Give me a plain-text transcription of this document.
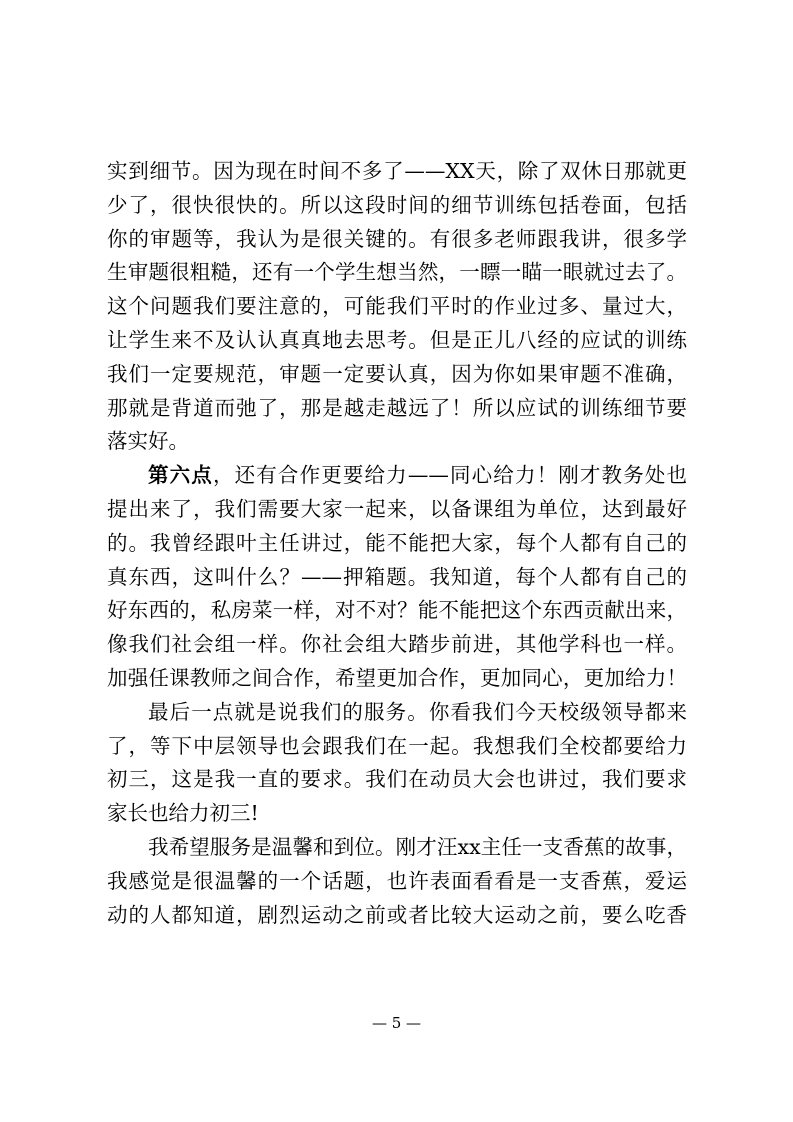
实到细节。因为现在时间不多了——XX天，除了双休日那就更
少了，很快很快的。所以这段时间的细节训练包括卷面，包括
你的审题等，我认为是很关键的。有很多老师跟我讲，很多学
生审题很粗糙，还有一个学生想当然，一瞟一瞄一眼就过去了。
这个问题我们要注意的，可能我们平时的作业过多、量过大，
让学生来不及认认真真地去思考。但是正儿八经的应试的训练
我们一定要规范，审题一定要认真，因为你如果审题不准确，
那就是背道而弛了，那是越走越远了！所以应试的训练细节要
落实好。
第六点，还有合作更要给力——同心给力！刚才教务处也
提出来了，我们需要大家一起来，以备课组为单位，达到最好
的。我曾经跟叶主任讲过，能不能把大家，每个人都有自己的
真东西，这叫什么？——押箱题。我知道，每个人都有自己的
好东西的，私房菜一样，对不对？能不能把这个东西贡献出来，
像我们社会组一样。你社会组大踏步前进，其他学科也一样。
加强任课教师之间合作，希望更加合作，更加同心，更加给力！
最后一点就是说我们的服务。你看我们今天校级领导都来
了，等下中层领导也会跟我们在一起。我想我们全校都要给力
初三，这是我一直的要求。我们在动员大会也讲过，我们要求
家长也给力初三!
我希望服务是温馨和到位。刚才汪xx主任一支香蕉的故事，
我感觉是很温馨的一个话题，也许表面看看是一支香蕉，爱运
动的人都知道，剧烈运动之前或者比较大运动之前，要么吃香
— 5 —
